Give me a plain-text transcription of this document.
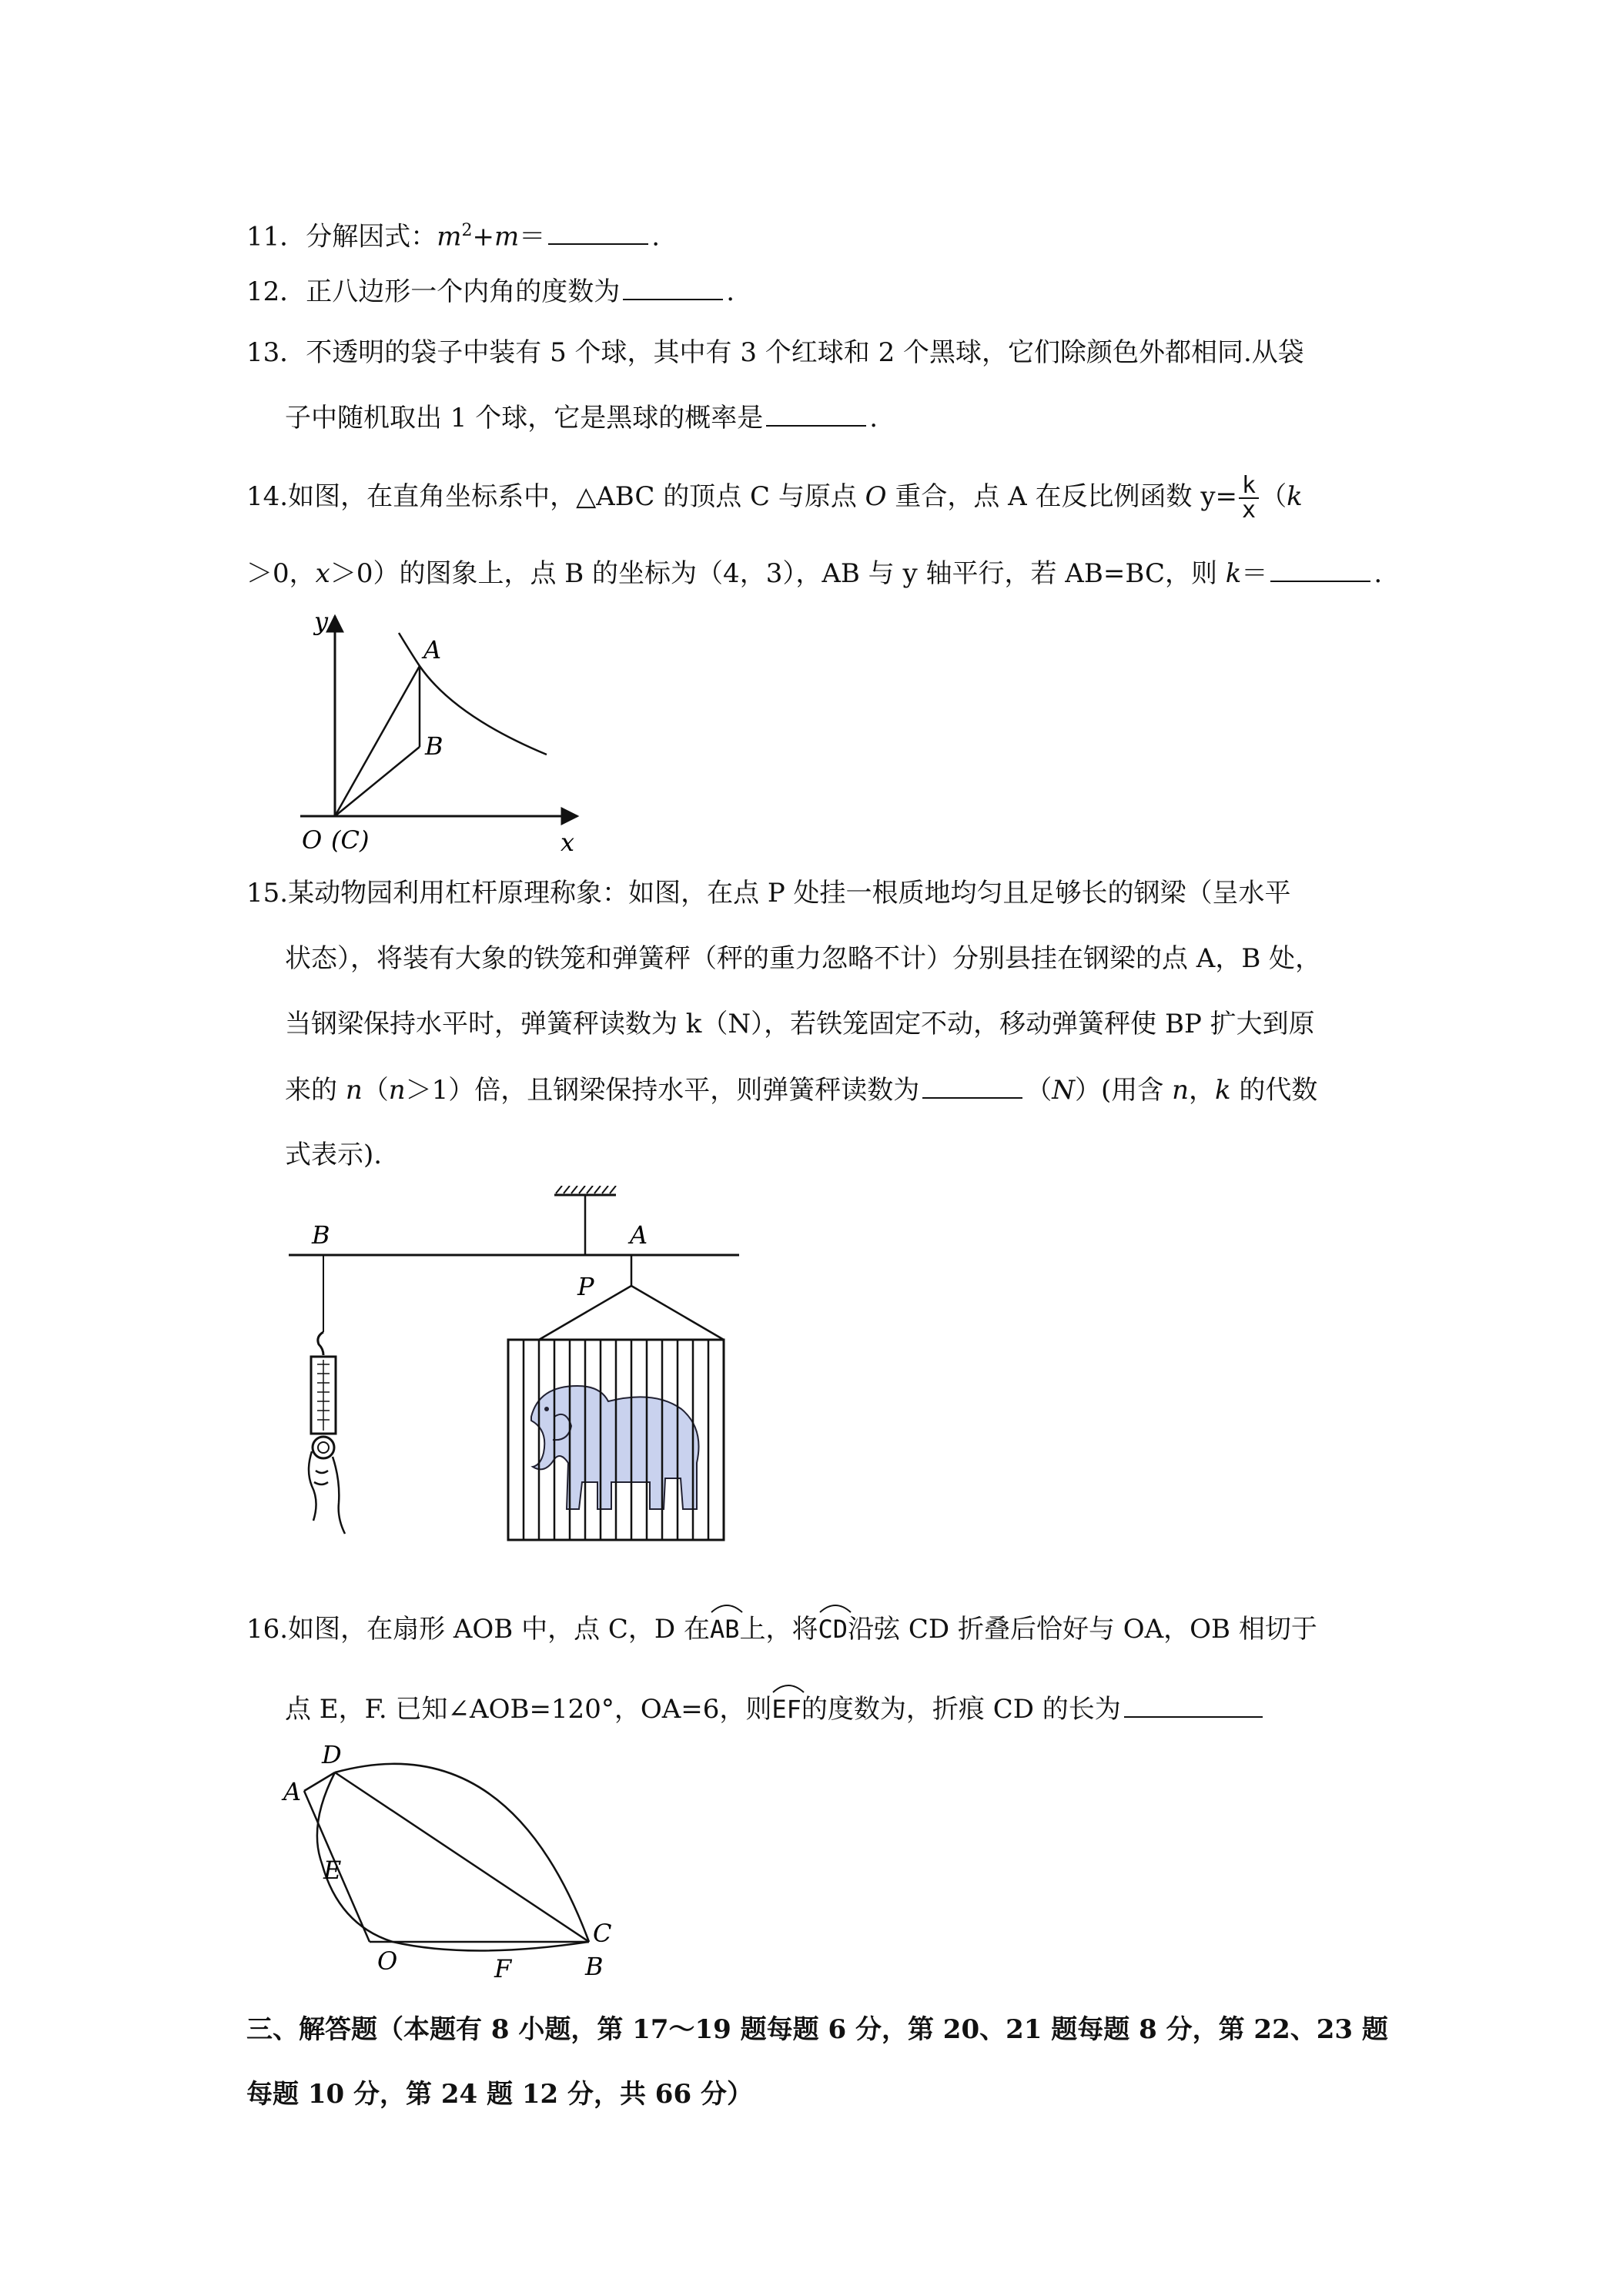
11．分解因式：$m^2+m=$	.
12．正八边形一个内角的度数为	.
13．不透明的袋子中装有 5 个球，其中有 3 个红球和 2 个黑球，它们除颜色外都相同.从袋
子中随机取出 1 个球，它是黑球的概率是	.
14.如图，在直角坐标系中，△ABC 的顶点 C 与原点 O 重合，点 A 在反比例函数 $y= \frac{k}{x} (k$
＞0，x＞0）的图象上，点 B 的坐标为（4，3），AB 与 y 轴平行，若 AB=BC，则 k＝	.
y
A
B
O (C)	x
15.某动物园利用杠杆原理称象：如图，在点 P 处挂一根质地均匀且足够长的钢梁（呈水平
状态），将装有大象的铁笼和弹簧秤（秤的重力忽略不计）分别县挂在钢梁的点 A，B 处，
当钢梁保持水平时，弹簧秤读数为 k（N），若铁笼固定不动，移动弹簧秤使 BP 扩大到原
来的 n（n＞1）倍，且钢梁保持水平，则弹簧秤读数为	（N）(用含 n，k 的代数
式表示).
B	A
P
16.如图，在扇形 AOB 中，点 C，D 在
AB上，将
CD沿弦 CD 折叠后恰好与 OA，OB 相切于
点 E，F. 已知∠AOB=120°，OA=6，则
EF的度数为，折痕 CD 的长为
D
A
E
O	F
C
B
三、解答题（本题有 8 小题，第 17～19 题每题 6 分，第 20、21 题每题 8 分，第 22、23 题
每题 10 分，第 24 题 12 分，共 66 分）
